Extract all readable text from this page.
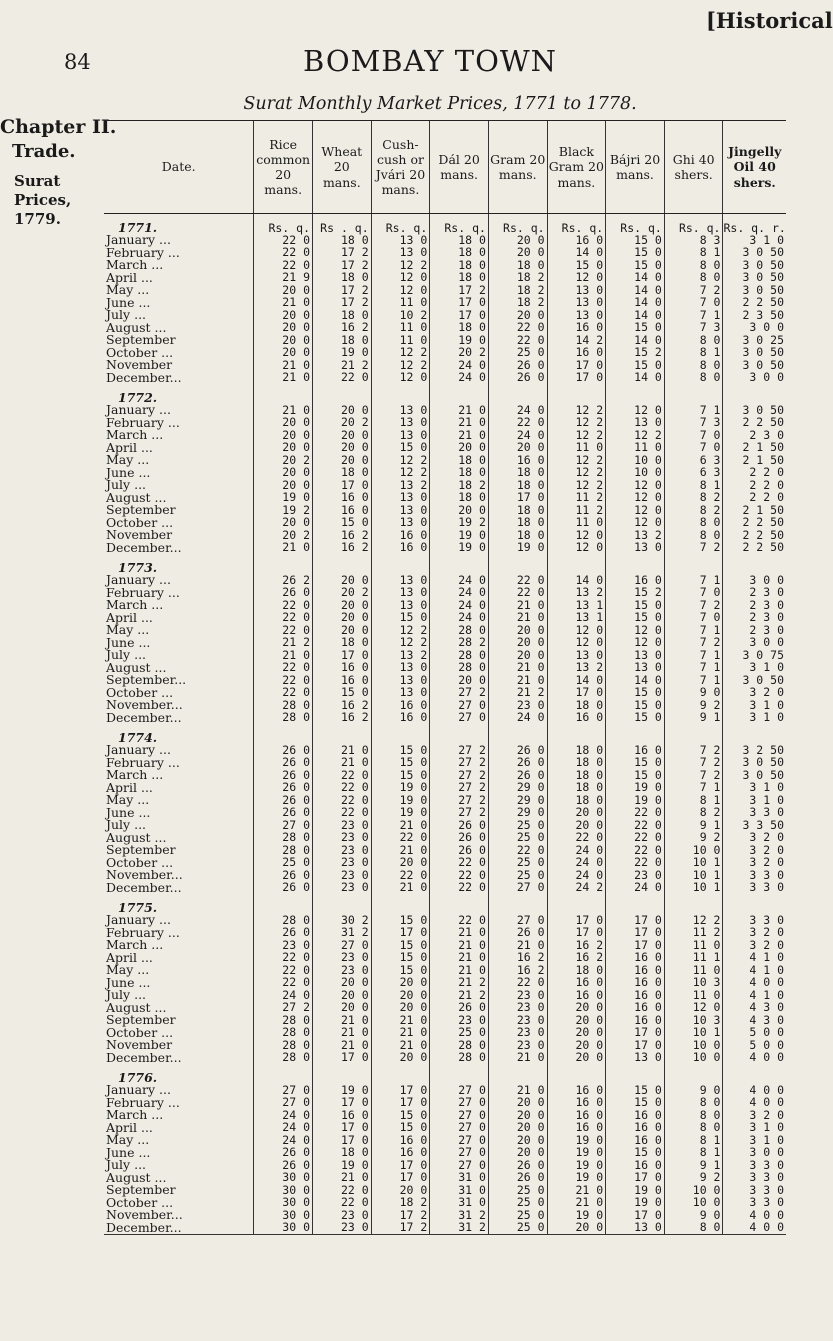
[Historical
84	BOMBAY TOWN
Chapter II.
Trade.
Surat Prices, 1779.
Surat Monthly Market Prices, 1771 to 1778.
Date.	Rice common 20 mans.	Wheat 20 mans.	Cush-cush or Jvári 20 mans.	Dál 20 mans.	Gram 20 mans.	Black Gram 20 mans.	Bájri 20 mans.	Ghi 40 shers.	Jingelly Oil 40 shers.
1771.	Rs. q.	Rs . q.	Rs. q.	Rs. q.	Rs. q.	Rs. q.	Rs. q.	Rs. q.	Rs. q. r.
January ...	22 0	18 0	13 0	18 0	20 0	16 0	15 0	8 3	3 1 0
February ...	22 0	17 2	13 0	18 0	20 0	14 0	15 0	8 1	3 0 50
March ...	22 0	17 2	12 2	18 0	18 0	15 0	15 0	8 0	3 0 50
April ...	21 9	18 0	12 0	18 0	18 2	12 0	14 0	8 0	3 0 50
May ...	20 0	17 2	12 0	17 2	18 2	13 0	14 0	7 2	3 0 50
June ...	21 0	17 2	11 0	17 0	18 2	13 0	14 0	7 0	2 2 50
July ...	20 0	18 0	10 2	17 0	20 0	13 0	14 0	7 1	2 3 50
August ...	20 0	16 2	11 0	18 0	22 0	16 0	15 0	7 3	3 0 0
September	20 0	18 0	11 0	19 0	22 0	14 2	14 0	8 0	3 0 25
October ...	20 0	19 0	12 2	20 2	25 0	16 0	15 2	8 1	3 0 50
November	21 0	21 2	12 2	24 0	26 0	17 0	15 0	8 0	3 0 50
December...	21 0	22 0	12 0	24 0	26 0	17 0	14 0	8 0	3 0 0
1772.									
January ...	21 0	20 0	13 0	21 0	24 0	12 2	12 0	7 1	3 0 50
February ...	20 0	20 2	13 0	21 0	22 0	12 2	13 0	7 3	2 2 50
March ...	20 0	20 0	13 0	21 0	24 0	12 2	12 2	7 0	2 3 0
April ...	20 0	20 0	15 0	20 0	20 0	11 0	11 0	7 0	2 1 50
May ...	20 2	20 0	12 2	18 0	16 0	12 2	10 0	6 3	2 1 50
June ...	20 0	18 0	12 2	18 0	18 0	12 2	10 0	6 3	2 2 0
July ...	20 0	17 0	13 2	18 2	18 0	12 2	12 0	8 1	2 2 0
August ...	19 0	16 0	13 0	18 0	17 0	11 2	12 0	8 2	2 2 0
September	19 2	16 0	13 0	20 0	18 0	11 2	12 0	8 2	2 1 50
October ...	20 0	15 0	13 0	19 2	18 0	11 0	12 0	8 0	2 2 50
November	20 2	16 2	16 0	19 0	18 0	12 0	13 2	8 0	2 2 50
December...	21 0	16 2	16 0	19 0	19 0	12 0	13 0	7 2	2 2 50
1773.									
January ...	26 2	20 0	13 0	24 0	22 0	14 0	16 0	7 1	3 0 0
February ...	26 0	20 2	13 0	24 0	22 0	13 2	15 2	7 0	2 3 0
March ...	22 0	20 0	13 0	24 0	21 0	13 1	15 0	7 2	2 3 0
April ...	22 0	20 0	15 0	24 0	21 0	13 1	15 0	7 0	2 3 0
May ...	22 0	20 0	12 2	28 0	20 0	12 0	12 0	7 1	2 3 0
June ...	21 2	18 0	12 2	28 2	20 0	12 0	12 0	7 2	3 0 0
July ...	21 0	17 0	13 2	28 0	20 0	13 0	13 0	7 1	3 0 75
August ...	22 0	16 0	13 0	28 0	21 0	13 2	13 0	7 1	3 1 0
September...	22 0	16 0	13 0	20 0	21 0	14 0	14 0	7 1	3 0 50
October ...	22 0	15 0	13 0	27 2	21 2	17 0	15 0	9 0	3 2 0
November...	28 0	16 2	16 0	27 0	23 0	18 0	15 0	9 2	3 1 0
December...	28 0	16 2	16 0	27 0	24 0	16 0	15 0	9 1	3 1 0
1774.									
January ...	26 0	21 0	15 0	27 2	26 0	18 0	16 0	7 2	3 2 50
February ...	26 0	21 0	15 0	27 2	26 0	18 0	15 0	7 2	3 0 50
March ...	26 0	22 0	15 0	27 2	26 0	18 0	15 0	7 2	3 0 50
April ...	26 0	22 0	19 0	27 2	29 0	18 0	19 0	7 1	3 1 0
May ...	26 0	22 0	19 0	27 2	29 0	18 0	19 0	8 1	3 1 0
June ...	26 0	22 0	19 0	27 2	29 0	20 0	22 0	8 2	3 3 0
July ...	27 0	23 0	21 0	26 0	25 0	20 0	22 0	9 1	3 3 50
August ...	28 0	23 0	22 0	26 0	25 0	22 0	22 0	9 2	3 2 0
September	28 0	23 0	21 0	26 0	22 0	24 0	22 0	10 0	3 2 0
October ...	25 0	23 0	20 0	22 0	25 0	24 0	22 0	10 1	3 2 0
November...	26 0	23 0	22 0	22 0	25 0	24 0	23 0	10 1	3 3 0
December...	26 0	23 0	21 0	22 0	27 0	24 2	24 0	10 1	3 3 0
1775.									
January ...	28 0	30 2	15 0	22 0	27 0	17 0	17 0	12 2	3 3 0
February ...	26 0	31 2	17 0	21 0	26 0	17 0	17 0	11 2	3 2 0
March ...	23 0	27 0	15 0	21 0	21 0	16 2	17 0	11 0	3 2 0
April ...	22 0	23 0	15 0	21 0	16 2	16 2	16 0	11 1	4 1 0
May ...	22 0	23 0	15 0	21 0	16 2	18 0	16 0	11 0	4 1 0
June ...	22 0	20 0	20 0	21 2	22 0	16 0	16 0	10 3	4 0 0
July ...	24 0	20 0	20 0	21 2	23 0	16 0	16 0	11 0	4 1 0
August ...	27 2	20 0	20 0	26 0	23 0	20 0	16 0	12 0	4 3 0
September	28 0	21 0	21 0	23 0	23 0	20 0	16 0	10 3	4 3 0
October ...	28 0	21 0	21 0	25 0	23 0	20 0	17 0	10 1	5 0 0
November	28 0	21 0	21 0	28 0	23 0	20 0	17 0	10 0	5 0 0
December...	28 0	17 0	20 0	28 0	21 0	20 0	13 0	10 0	4 0 0
1776.									
January ...	27 0	19 0	17 0	27 0	21 0	16 0	15 0	9 0	4 0 0
February ...	27 0	17 0	17 0	27 0	20 0	16 0	15 0	8 0	4 0 0
March ...	24 0	16 0	15 0	27 0	20 0	16 0	16 0	8 0	3 2 0
April ...	24 0	17 0	15 0	27 0	20 0	16 0	16 0	8 0	3 1 0
May ...	24 0	17 0	16 0	27 0	20 0	19 0	16 0	8 1	3 1 0
June ...	26 0	18 0	16 0	27 0	20 0	19 0	15 0	8 1	3 0 0
July ...	26 0	19 0	17 0	27 0	26 0	19 0	16 0	9 1	3 3 0
August ...	30 0	21 0	17 0	31 0	26 0	19 0	17 0	9 2	3 3 0
September	30 0	22 0	20 0	31 0	25 0	21 0	19 0	10 0	3 3 0
October ...	30 0	22 0	18 2	31 0	25 0	21 0	19 0	10 0	3 3 0
November...	30 0	23 0	17 2	31 2	25 0	19 0	17 0	9 0	4 0 0
December...	30 0	23 0	17 2	31 2	25 0	20 0	13 0	8 0	4 0 0
